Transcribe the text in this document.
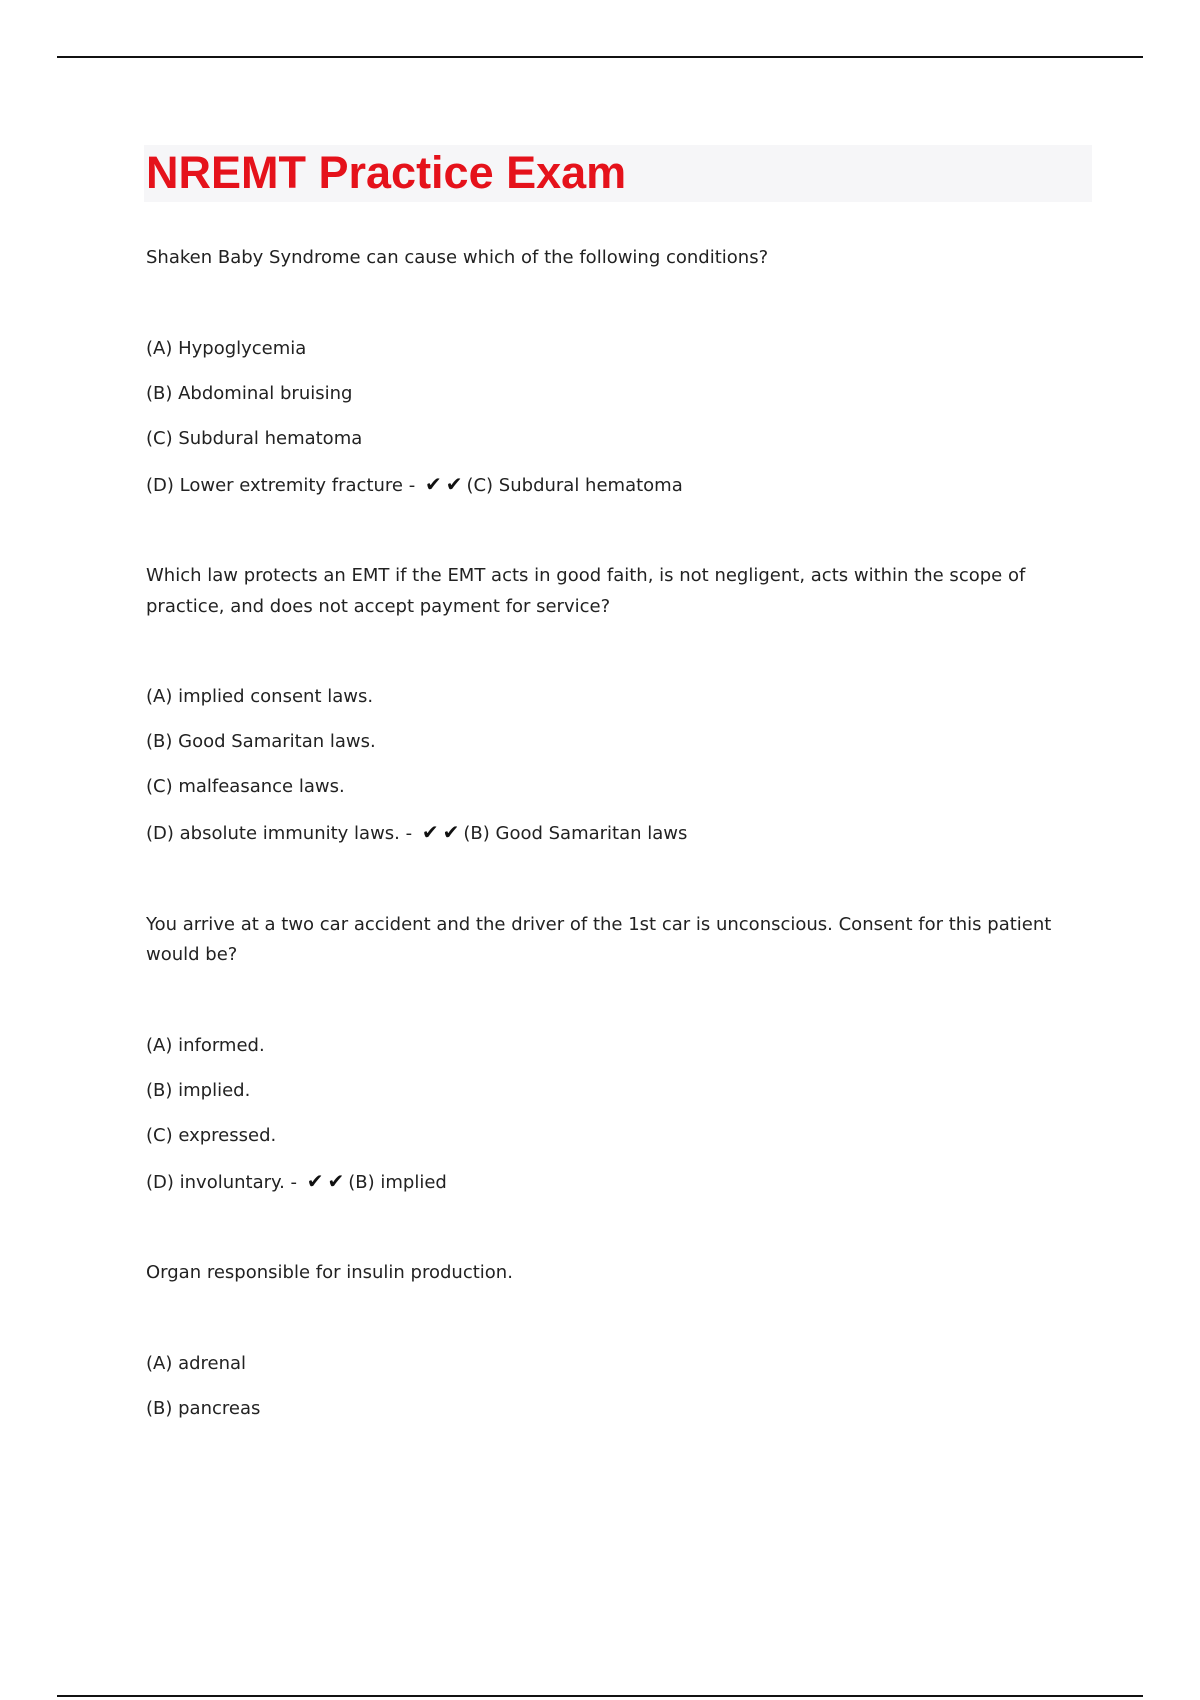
NREMT Practice Exam

Shaken Baby Syndrome can cause which of the following conditions?

(A) Hypoglycemia

(B) Abdominal bruising

(C) Subdural hematoma

(D) Lower extremity fracture - ✔✔(C) Subdural hematoma

Which law protects an EMT if the EMT acts in good faith, is not negligent, acts within the scope of practice, and does not accept payment for service?

(A) implied consent laws.

(B) Good Samaritan laws.

(C) malfeasance laws.

(D) absolute immunity laws. - ✔✔(B) Good Samaritan laws

You arrive at a two car accident and the driver of the 1st car is unconscious. Consent for this patient would be?

(A) informed.

(B) implied.

(C) expressed.

(D) involuntary. - ✔✔(B) implied

Organ responsible for insulin production.

(A) adrenal

(B) pancreas
